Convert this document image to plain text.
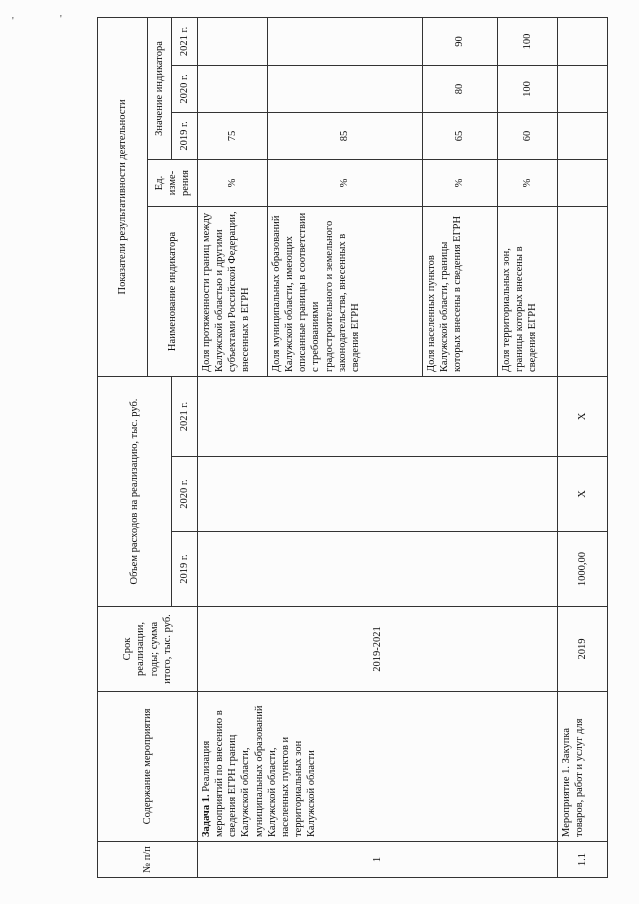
'	'
№ п/п	Содержание мероприятия	Срок реализации, годы; сумма итого, тыс. руб.	Объем расходов на реализацию, тыс. руб.			Показатели результативности деятельности				
						Наименование индикатора	Ед. изме-рения	Значение индикатора		
			2019 г.	2020 г.	2021 г.			2019 г.	2020 г.	2021 г.
1	Задача 1. Реализация мероприятий по внесению в сведения ЕГРН границ Калужской области, муниципальных образований Калужской области, населенных пунктов и территориальных зон Калужской области	2019-2021				Доля протяженности границ между Калужской областью и другими субъектами Российской Федерации, внесенных в ЕГРН	%	75		
						Доля муниципальных образований Калужской области, имеющих описанные границы в соответствии с требованиями градостроительного и земельного законодательства, внесенных в сведения ЕГРН	%	85		
						Доля населенных пунктов Калужской области, границы которых внесены в сведения ЕГРН	%	65	80	90
						Доля территориальных зон, границы которых внесены в сведения ЕГРН	%	60	100	100
1.1	Мероприятие 1. Закупка товаров, работ и услуг для	2019	1000,00	X	X					
